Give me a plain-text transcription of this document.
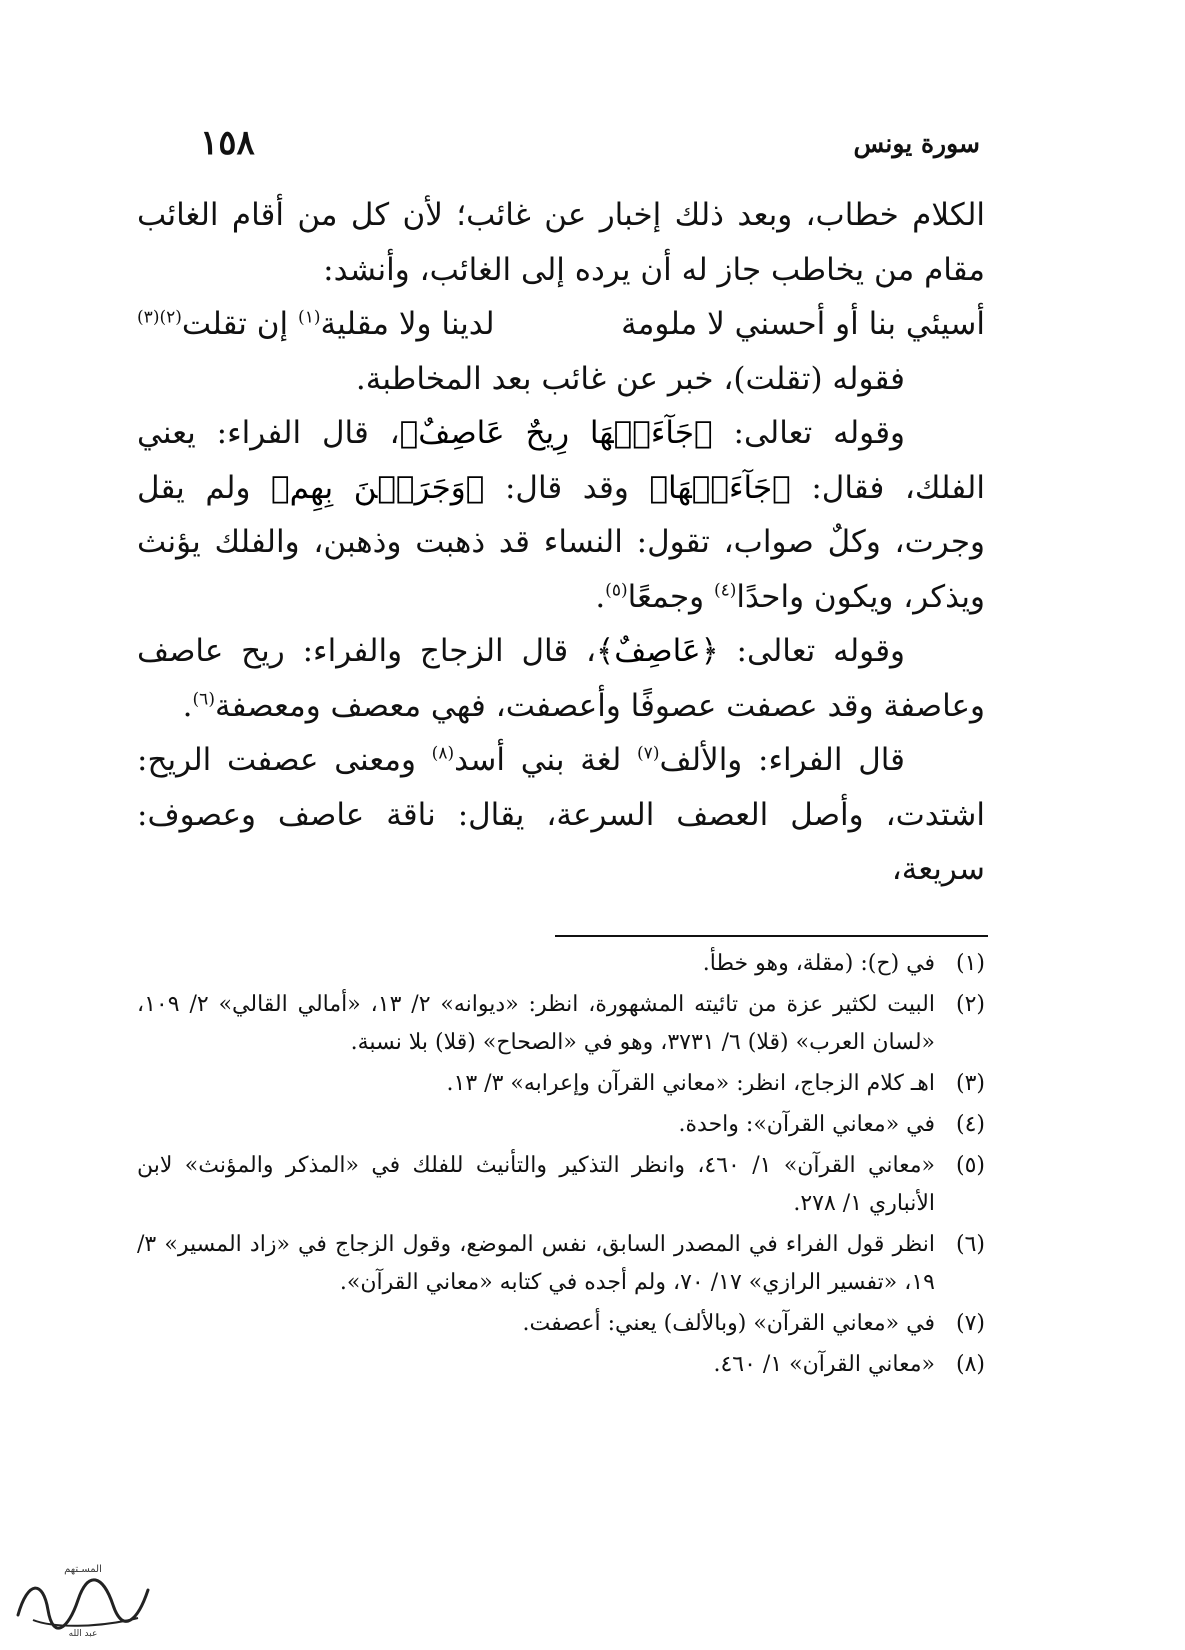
سورة يونس
١٥٨

الكلام خطاب، وبعد ذلك إخبار عن غائب؛ لأن كل من أقام الغائب مقام من يخاطب جاز له أن يرده إلى الغائب، وأنشد:

أسيئي بنا أو أحسني لا ملومة
لدينا ولا مقلية$^{(١)}$ إن تقلت$^{(٢)(٣)}$

فقوله (تقلت)، خبر عن غائب بعد المخاطبة.

وقوله تعالى: ﴿جَآءَتۡهَا رِيحٌ عَاصِفٌ﴾، قال الفراء: يعني الفلك، فقال: ﴿جَآءَتۡهَا﴾ وقد قال: ﴿وَجَرَيۡنَ بِهِم﴾ ولم يقل وجرت، وكلٌ صواب، تقول: النساء قد ذهبت وذهبن، والفلك يؤنث ويذكر، ويكون واحدًا$^{(٤)}$ وجمعًا$^{(٥)}$.

وقوله تعالى: ﴿عَاصِفٌ﴾، قال الزجاج والفراء: ريح عاصف وعاصفة وقد عصفت عصوفًا وأعصفت، فهي معصف ومعصفة$^{(٦)}$.

قال الفراء: والألف$^{(٧)}$ لغة بني أسد$^{(٨)}$ ومعنى عصفت الريح: اشتدت، وأصل العصف السرعة، يقال: ناقة عاصف وعصوف: سريعة،

(١)
في (ح): (مقلة، وهو خطأ.
(٢)
البيت لكثير عزة من تائيته المشهورة، انظر: «ديوانه» ٢/ ١٣، «أمالي القالي» ٢/ ١٠٩، «لسان العرب» (قلا) ٦/ ٣٧٣١، وهو في «الصحاح» (قلا) بلا نسبة.
(٣)
اهـ كلام الزجاج، انظر: «معاني القرآن وإعرابه» ٣/ ١٣.
(٤)
في «معاني القرآن»: واحدة.
(٥)
«معاني القرآن» ١/ ٤٦٠، وانظر التذكير والتأنيث للفلك في «المذكر والمؤنث» لابن الأنباري ١/ ٢٧٨.
(٦)
انظر قول الفراء في المصدر السابق، نفس الموضع، وقول الزجاج في «زاد المسير» ٣/ ١٩، «تفسير الرازي» ١٧/ ٧٠، ولم أجده في كتابه «معاني القرآن».
(٧)
في «معاني القرآن» (وبالألف) يعني: أعصفت.
(٨)
«معاني القرآن» ١/ ٤٦٠.
عبد الله
المسـتهم
